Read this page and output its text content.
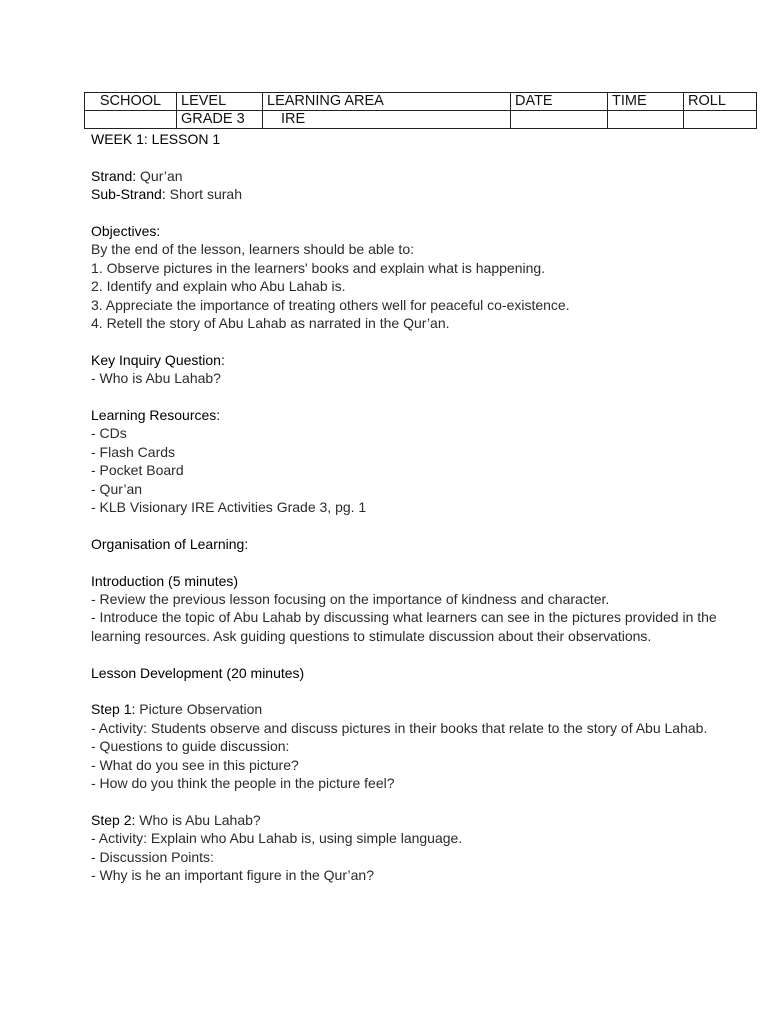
SCHOOL	LEVEL	LEARNING AREA	DATE	TIME	ROLL
	GRADE 3	IRE			
WEEK 1: LESSON 1
Strand: Qur’an
Sub-Strand: Short surah
Objectives:
By the end of the lesson, learners should be able to:
1. Observe pictures in the learners' books and explain what is happening.
2. Identify and explain who Abu Lahab is.
3. Appreciate the importance of treating others well for peaceful co-existence.
4. Retell the story of Abu Lahab as narrated in the Qur’an.
Key Inquiry Question:
- Who is Abu Lahab?
Learning Resources:
- CDs
- Flash Cards
- Pocket Board
- Qur’an
- KLB Visionary IRE Activities Grade 3, pg. 1
Organisation of Learning:
Introduction (5 minutes)
- Review the previous lesson focusing on the importance of kindness and character.
- Introduce the topic of Abu Lahab by discussing what learners can see in the pictures provided in the learning resources. Ask guiding questions to stimulate discussion about their observations.
Lesson Development (20 minutes)
Step 1: Picture Observation
- Activity: Students observe and discuss pictures in their books that relate to the story of Abu Lahab.
- Questions to guide discussion:
- What do you see in this picture?
- How do you think the people in the picture feel?
Step 2: Who is Abu Lahab?
- Activity: Explain who Abu Lahab is, using simple language.
- Discussion Points:
- Why is he an important figure in the Qur’an?
